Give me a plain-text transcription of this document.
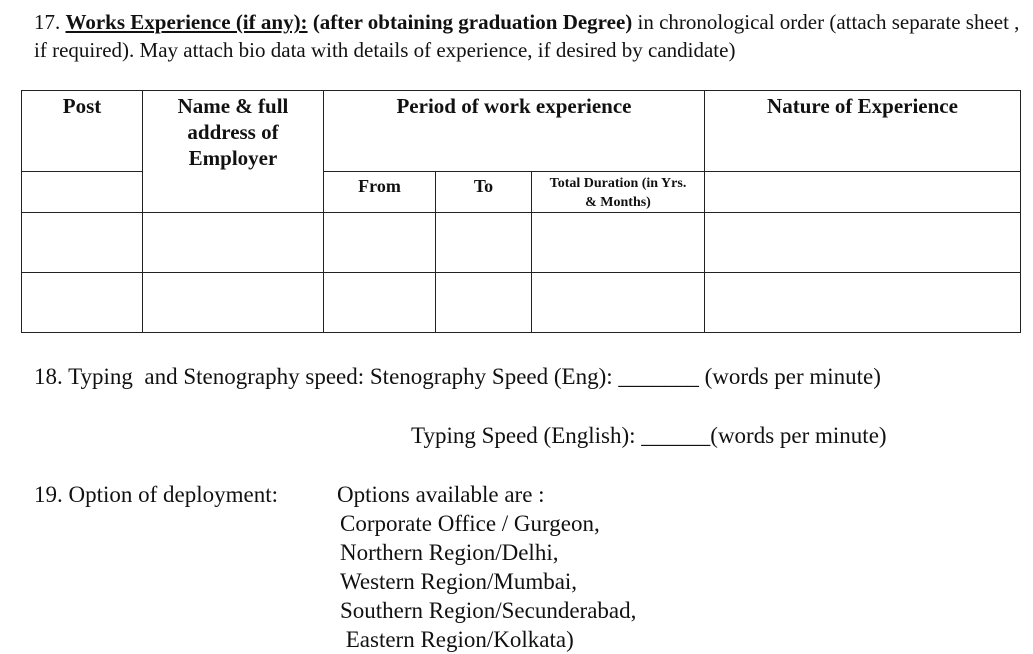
17. Works Experience (if any): (after obtaining graduation Degree) in chronological order (attach separate sheet , if required). May attach bio data with details of experience, if desired by candidate)
Post	Name & full address of Employer	Period of work experience			Nature of Experience
		From	To	Total Duration (in Yrs. & Months)	

18. Typing  and Stenography speed: Stenography Speed (Eng): _______ (words per minute)
Typing Speed (English): ______(words per minute)
19. Option of deployment:	Options available are :
Corporate Office / Gurgeon,
Northern Region/Delhi,
Western Region/Mumbai,
Southern Region/Secunderabad,
Eastern Region/Kolkata)
